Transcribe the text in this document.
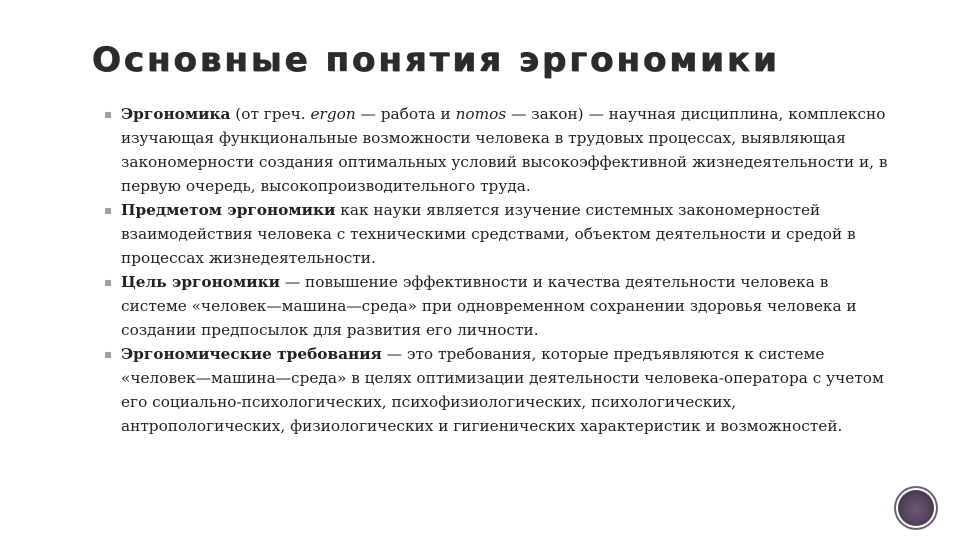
Основные понятия эргономики
▪ Эргономика (от греч. ergon — работа и nomos — закон) — научная дисциплина, комплексно изучающая функциональные возможности человека в трудовых процессах, выявляющая закономерности создания оптимальных условий высокоэффективной жизнедеятельности и, в первую очередь, высокопроизводительного труда.
▪ Предметом эргономики как науки является изучение системных закономерностей взаимодействия человека с техническими средствами, объектом деятельности и средой в процессах жизнедеятельности.
▪ Цель эргономики — повышение эффективности и качества деятельности человека в системе «человек—машина—среда» при одновременном сохранении здоровья человека и создании предпосылок для развития его личности.
▪ Эргономические требования — это требования, которые предъявляются к системе «человек—машина—среда» в целях оптимизации деятельности человека-оператора с учетом его социально-психологических, психофизиологических, психологических, антропологических, физиологических и гигиенических характеристик и возможностей.
